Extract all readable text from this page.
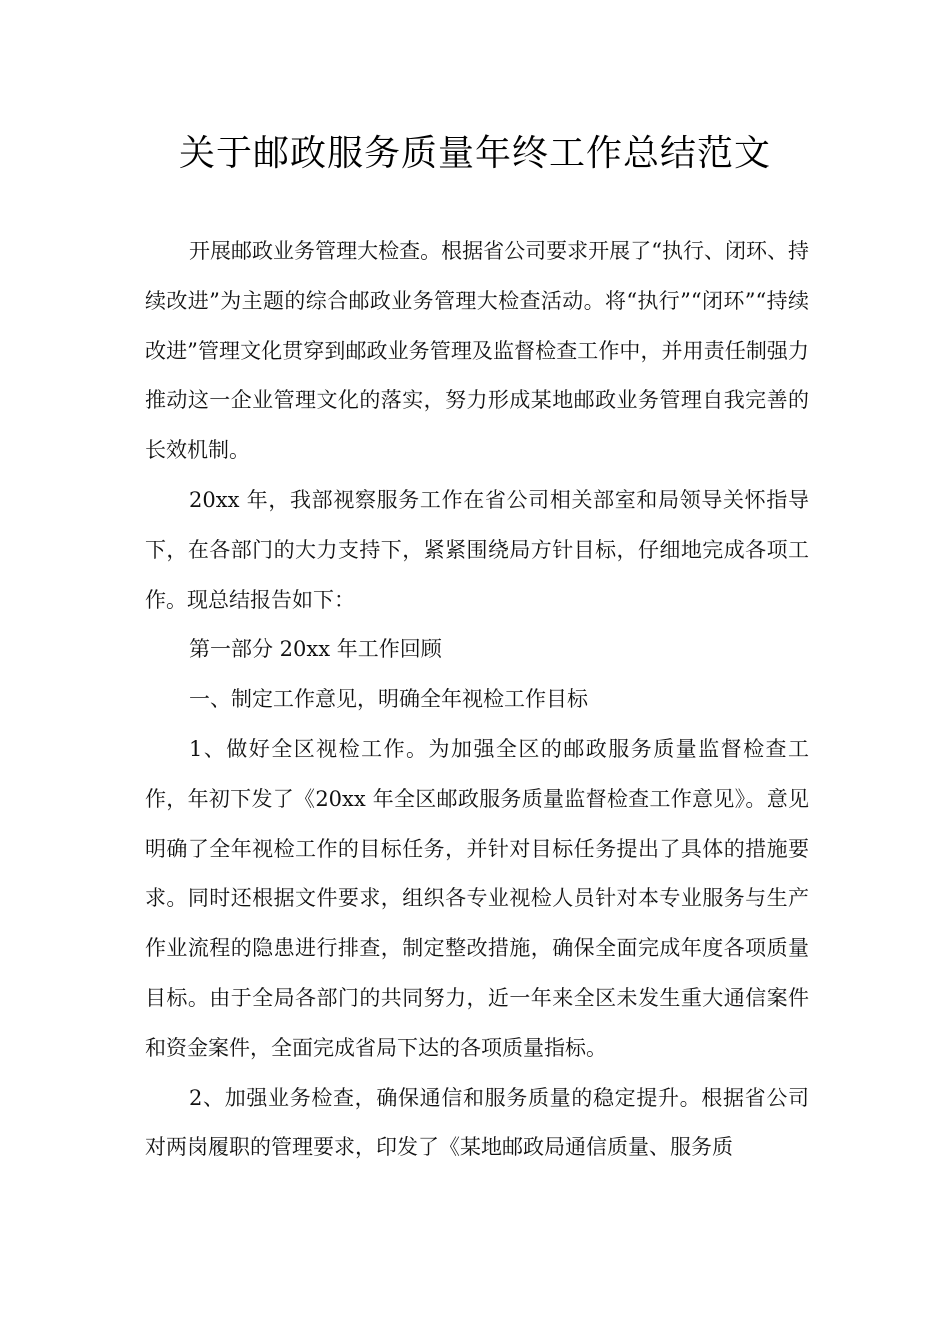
关于邮政服务质量年终工作总结范文

开展邮政业务管理大检查。根据省公司要求开展了“执行、闭环、持续改进”为主题的综合邮政业务管理大检查活动。将“执行”“闭环”“持续改进”管理文化贯穿到邮政业务管理及监督检查工作中，并用责任制强力推动这一企业管理文化的落实，努力形成某地邮政业务管理自我完善的长效机制。

20xx 年，我部视察服务工作在省公司相关部室和局领导关怀指导下，在各部门的大力支持下，紧紧围绕局方针目标，仔细地完成各项工作。现总结报告如下：

第一部分 20xx 年工作回顾

一、制定工作意见，明确全年视检工作目标

1、做好全区视检工作。为加强全区的邮政服务质量监督检查工作，年初下发了《20xx 年全区邮政服务质量监督检查工作意见》。意见明确了全年视检工作的目标任务，并针对目标任务提出了具体的措施要求。同时还根据文件要求，组织各专业视检人员针对本专业服务与生产作业流程的隐患进行排查，制定整改措施，确保全面完成年度各项质量目标。由于全局各部门的共同努力，近一年来全区未发生重大通信案件和资金案件，全面完成省局下达的各项质量指标。

2、加强业务检查，确保通信和服务质量的稳定提升。根据省公司对两岗履职的管理要求，印发了《某地邮政局通信质量、服务质
